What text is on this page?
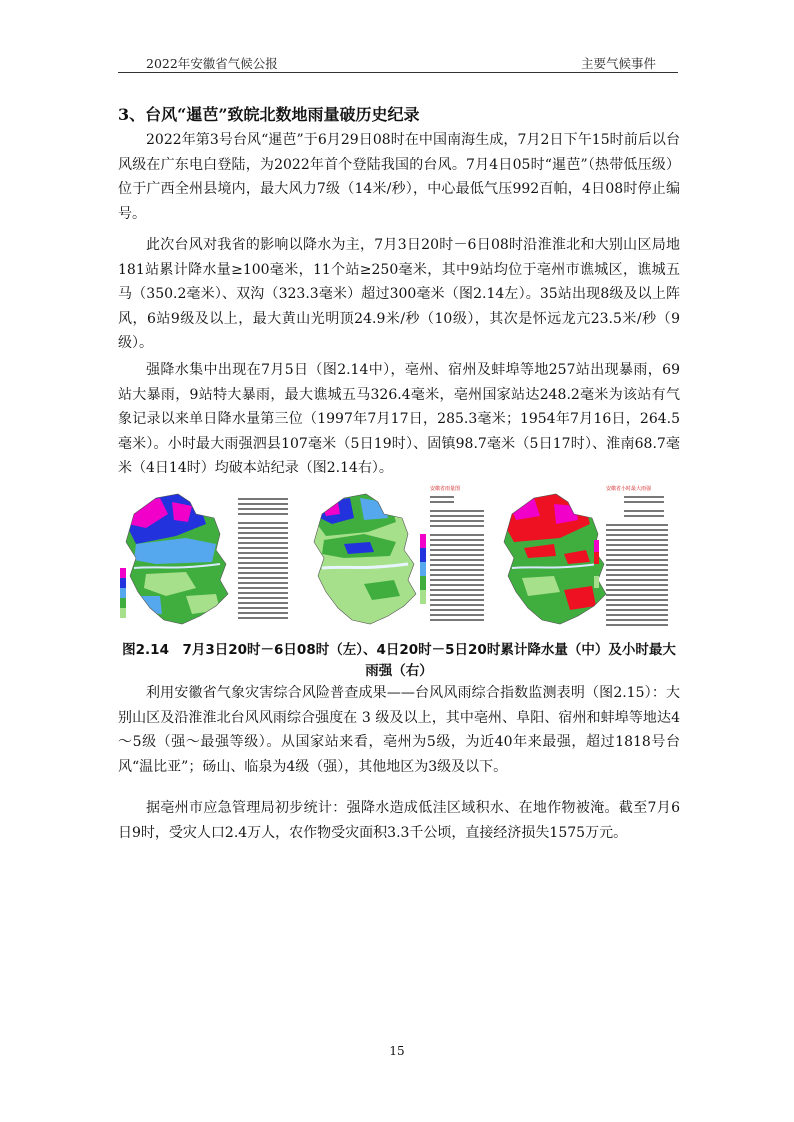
2022年安徽省气候公报	主要气候事件
3、台风“暹芭”致皖北数地雨量破历史纪录

2022年第3号台风“暹芭”于6月29日08时在中国南海生成，7月2日下午15时前后以台风级在广东电白登陆，为2022年首个登陆我国的台风。7月4日05时“暹芭”（热带低压级）位于广西全州县境内，最大风力7级（14米/秒），中心最低气压992百帕，4日08时停止编号。

此次台风对我省的影响以降水为主，7月3日20时－6日08时沿淮淮北和大别山区局地181站累计降水量≥100毫米，11个站≥250毫米，其中9站均位于亳州市谯城区，谯城五马（350.2毫米）、双沟（323.3毫米）超过300毫米（图2.14左）。35站出现8级及以上阵风，6站9级及以上，最大黄山光明顶24.9米/秒（10级），其次是怀远龙亢23.5米/秒（9级）。

强降水集中出现在7月5日（图2.14中），亳州、宿州及蚌埠等地257站出现暴雨，69站大暴雨，9站特大暴雨，最大谯城五马326.4毫米，亳州国家站达248.2毫米为该站有气象记录以来单日降水量第三位（1997年7月17日，285.3毫米；1954年7月16日，264.5毫米）。小时最大雨强泗县107毫米（5日19时）、固镇98.7毫米（5日17时）、淮南68.7毫米（4日14时）均破本站纪录（图2.14右）。

安徽省雨量图	安徽省小时最大雨强
图2.14　7月3日20时－6日08时（左）、4日20时－5日20时累计降水量（中）及小时最大雨强（右）

利用安徽省气象灾害综合风险普查成果——台风风雨综合指数监测表明（图2.15）：大别山区及沿淮淮北台风风雨综合强度在 3 级及以上，其中亳州、阜阳、宿州和蚌埠等地达4～5级（强～最强等级）。从国家站来看，亳州为5级，为近40年来最强，超过1818号台风“温比亚”；砀山、临泉为4级（强），其他地区为3级及以下。

据亳州市应急管理局初步统计：强降水造成低洼区域积水、在地作物被淹。截至7月6日9时，受灾人口2.4万人，农作物受灾面积3.3千公顷，直接经济损失1575万元。

15
